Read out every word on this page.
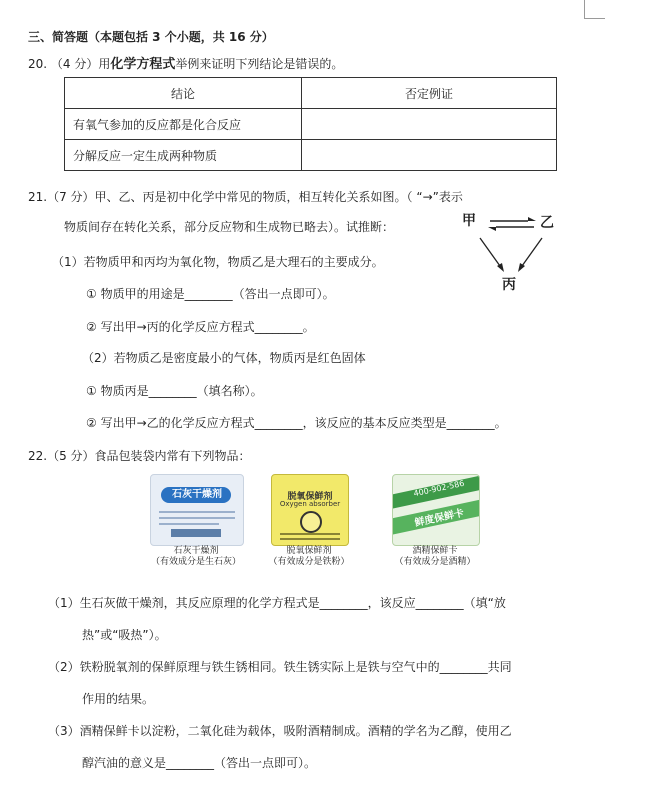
三、简答题（本题包括 3 个小题，共 16 分）
20. （4 分）用化学方程式举例来证明下列结论是错误的。
结论	否定例证
有氧气参加的反应都是化合反应	
分解反应一定生成两种物质	
21.（7 分）甲、乙、丙是初中化学中常见的物质，相互转化关系如图。（ “→”表示
物质间存在转化关系，部分反应物和生成物已略去）。试推断：	甲	乙
丙
（1）若物质甲和丙均为氧化物，物质乙是大理石的主要成分。
① 物质甲的用途是________（答出一点即可）。
② 写出甲→丙的化学反应方程式________。
（2）若物质乙是密度最小的气体，物质丙是红色固体
① 物质丙是________（填名称）。
② 写出甲→乙的化学反应方程式________，该反应的基本反应类型是________。
22.（5 分）食品包装袋内常有下列物品：
石灰干燥剂
石灰干燥剂
（有效成分是生石灰）
脱氧保鲜剂
Oxygen absorber
脱氧保鲜剂
（有效成分是铁粉）
400-902-586
鲜度保鲜卡
酒精保鲜卡
（有效成分是酒精）
（1）生石灰做干燥剂，其反应原理的化学方程式是________，该反应________（填“放
热”或“吸热”）。
（2）铁粉脱氧剂的保鲜原理与铁生锈相同。铁生锈实际上是铁与空气中的________共同
作用的结果。
（3）酒精保鲜卡以淀粉，二氧化硅为载体，吸附酒精制成。酒精的学名为乙醇，使用乙
醇汽油的意义是________（答出一点即可）。
